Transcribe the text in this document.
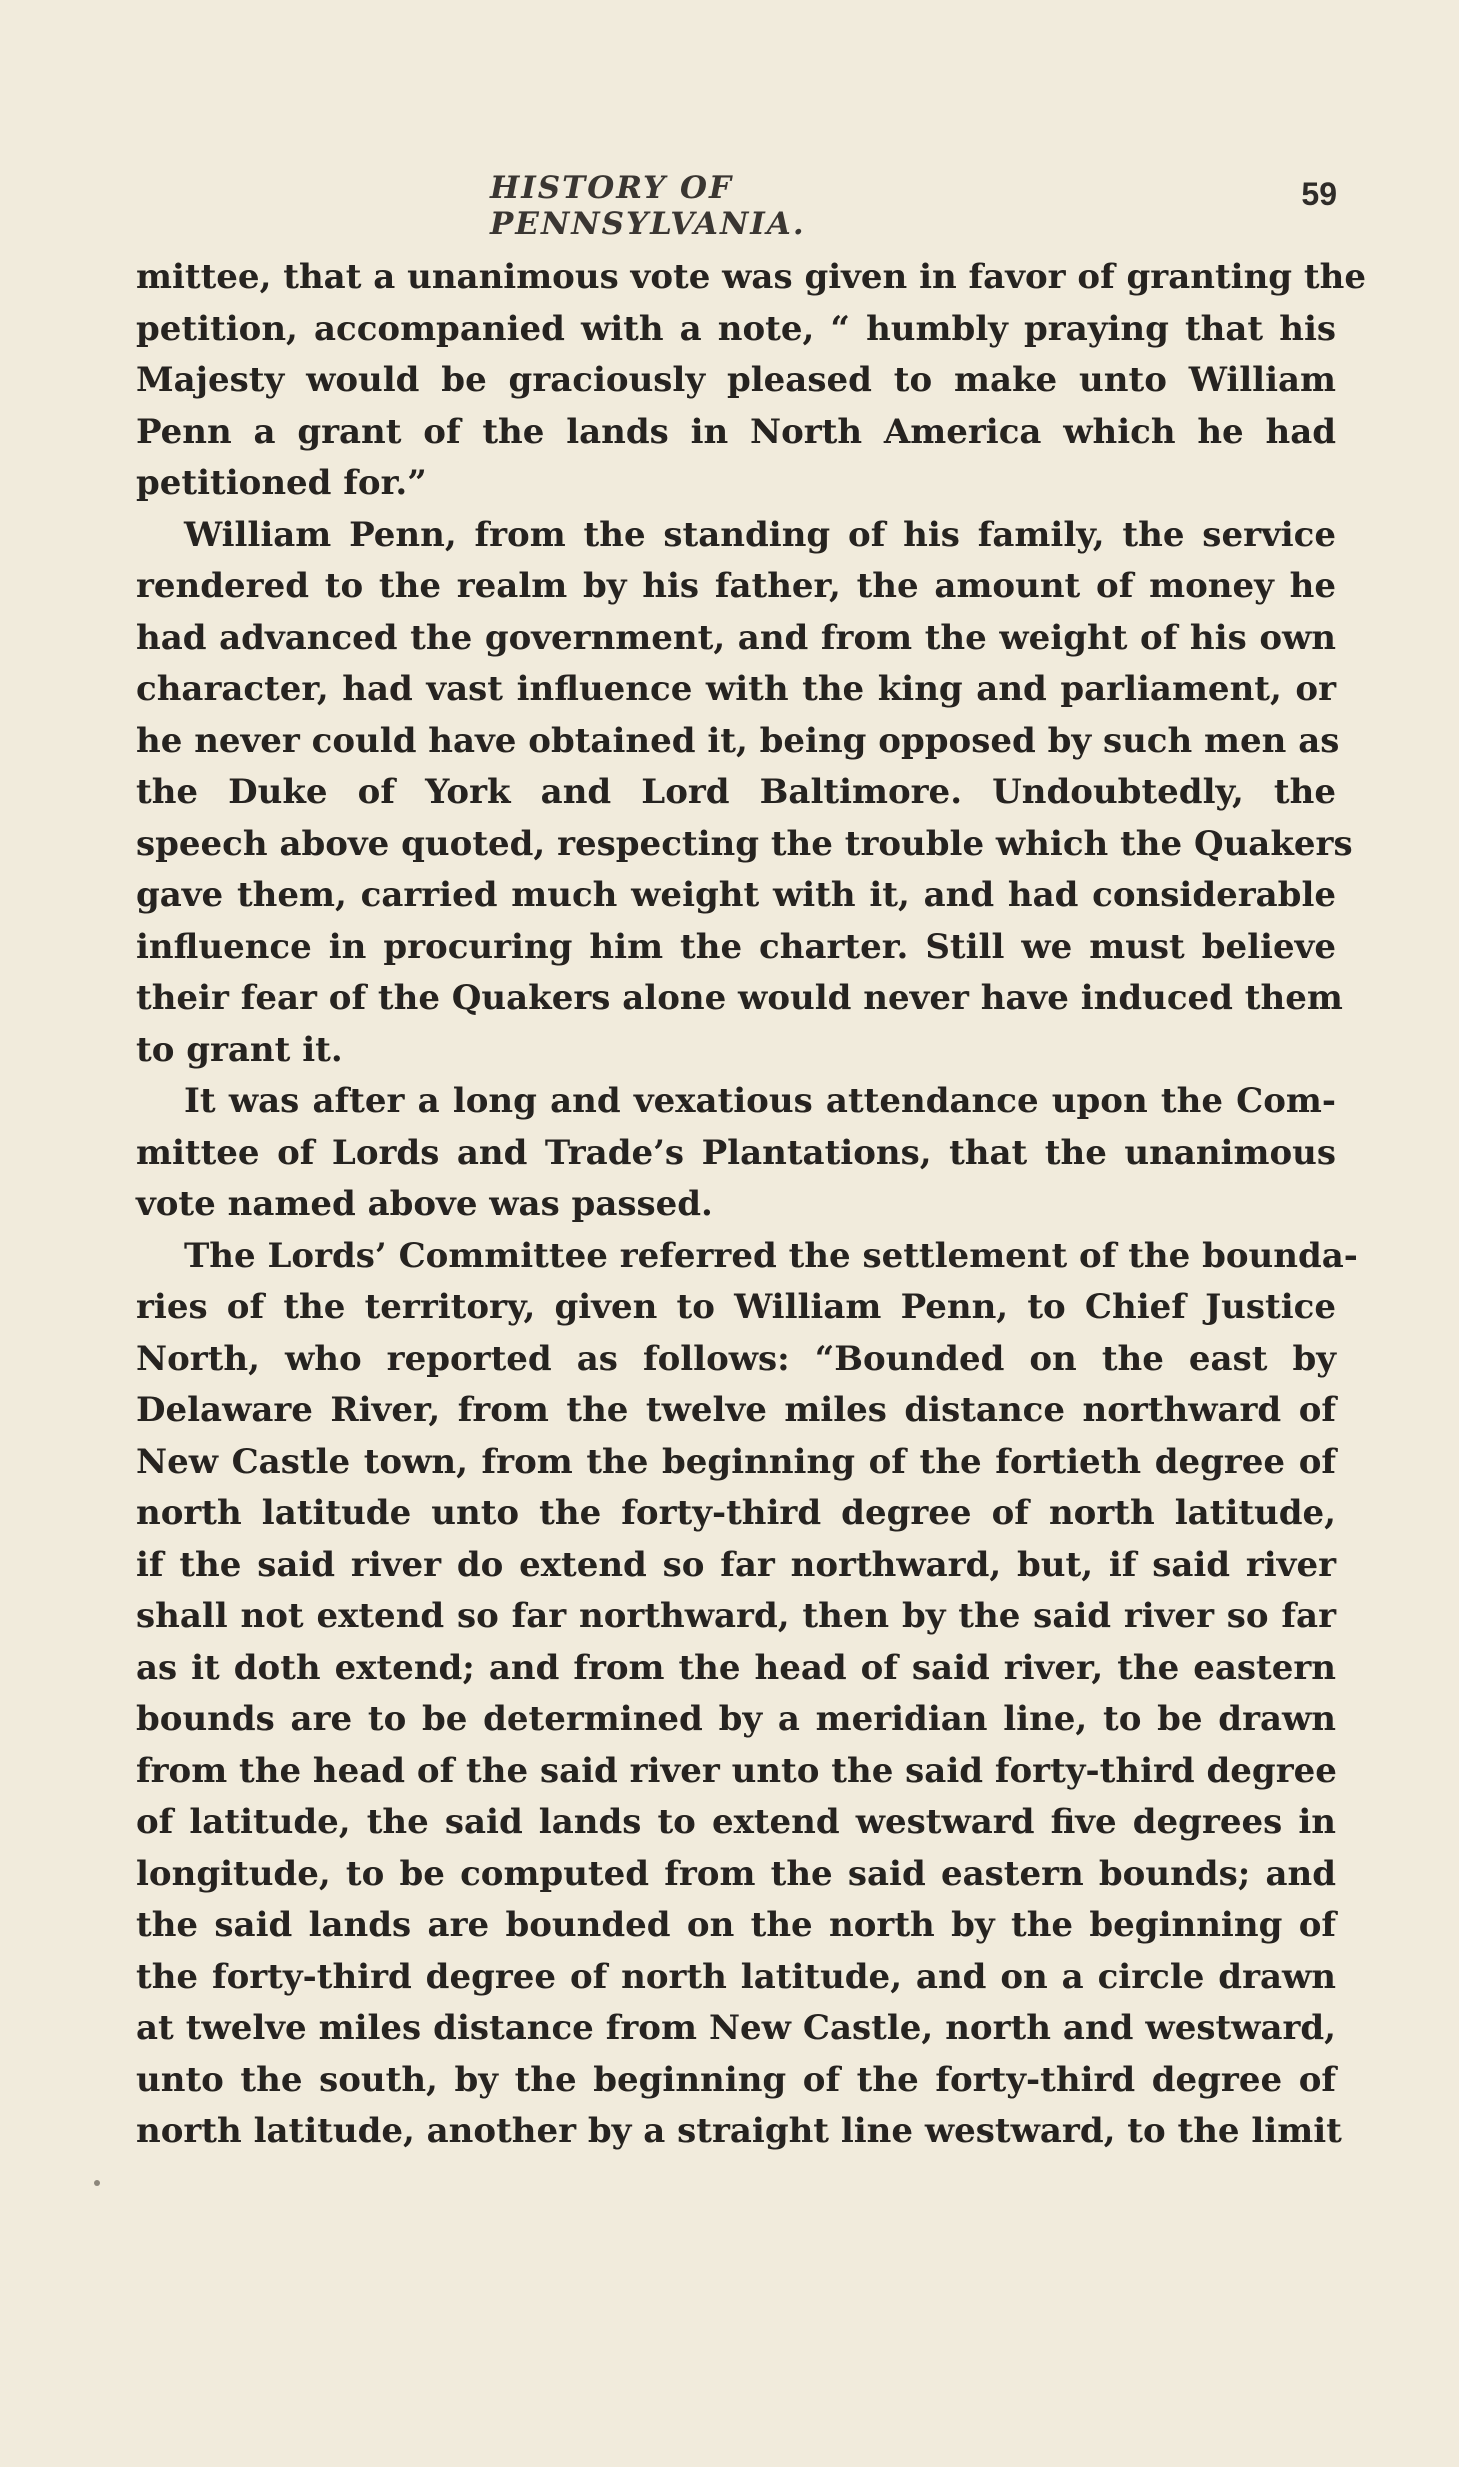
HISTORY OF PENNSYLVANIA.
59
mittee, that a unanimous vote was given in favor of granting the
petition, accompanied with a note, “ humbly praying that his
Majesty would be graciously pleased to make unto William
Penn a grant of the lands in North America which he had
petitioned for.”
William Penn, from the standing of his family, the service
rendered to the realm by his father, the amount of money he
had advanced the government, and from the weight of his own
character, had vast influence with the king and parliament, or
he never could have obtained it, being opposed by such men as
the Duke of York and Lord Baltimore. Undoubtedly, the
speech above quoted, respecting the trouble which the Quakers
gave them, carried much weight with it, and had considerable
influence in procuring him the charter. Still we must believe
their fear of the Quakers alone would never have induced them
to grant it.
It was after a long and vexatious attendance upon the Com-
mittee of Lords and Trade’s Plantations, that the unanimous
vote named above was passed.
The Lords’ Committee referred the settlement of the bounda-
ries of the territory, given to William Penn, to Chief Justice
North, who reported as follows: “Bounded on the east by
Delaware River, from the twelve miles distance northward of
New Castle town, from the beginning of the fortieth degree of
north latitude unto the forty-third degree of north latitude,
if the said river do extend so far northward, but, if said river
shall not extend so far northward, then by the said river so far
as it doth extend; and from the head of said river, the eastern
bounds are to be determined by a meridian line, to be drawn
from the head of the said river unto the said forty-third degree
of latitude, the said lands to extend westward five degrees in
longitude, to be computed from the said eastern bounds; and
the said lands are bounded on the north by the beginning of
the forty-third degree of north latitude, and on a circle drawn
at twelve miles distance from New Castle, north and westward,
unto the south, by the beginning of the forty-third degree of
north latitude, another by a straight line westward, to the limit
